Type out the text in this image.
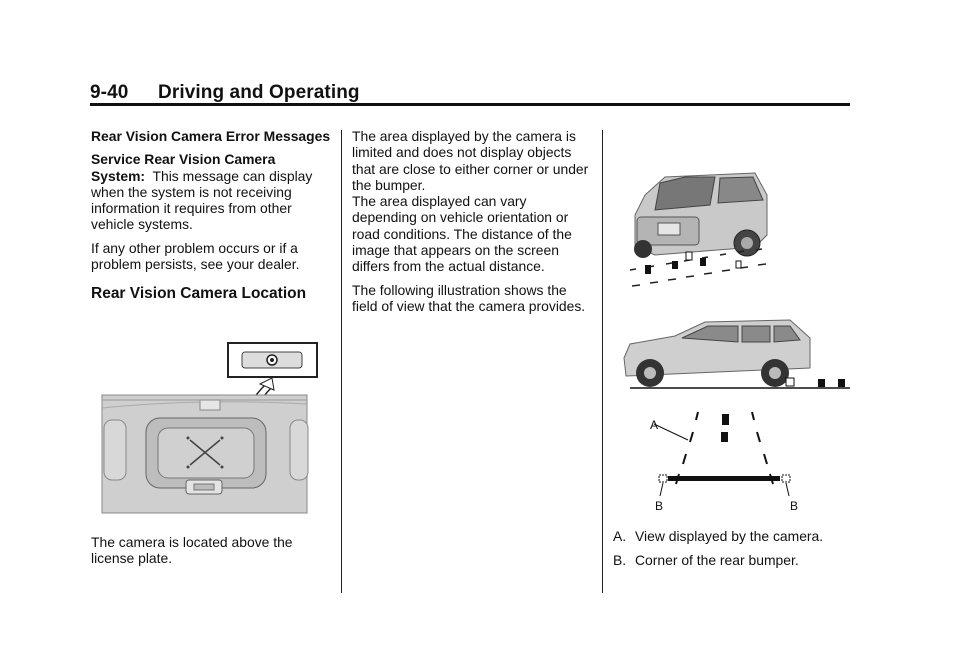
9-40 Driving and Operating

Rear Vision Camera Error Messages

Service Rear Vision Camera System: This message can display when the system is not receiving information it requires from other vehicle systems.

If any other problem occurs or if a problem persists, see your dealer.

Rear Vision Camera Location
The camera is located above the license plate.

The area displayed by the camera is limited and does not display objects that are close to either corner or under the bumper.

The area displayed can vary depending on vehicle orientation or road conditions. The distance of the image that appears on the screen differs from the actual distance.

The following illustration shows the field of view that the camera provides.

A
B	B
A. View displayed by the camera.
B. Corner of the rear bumper.
